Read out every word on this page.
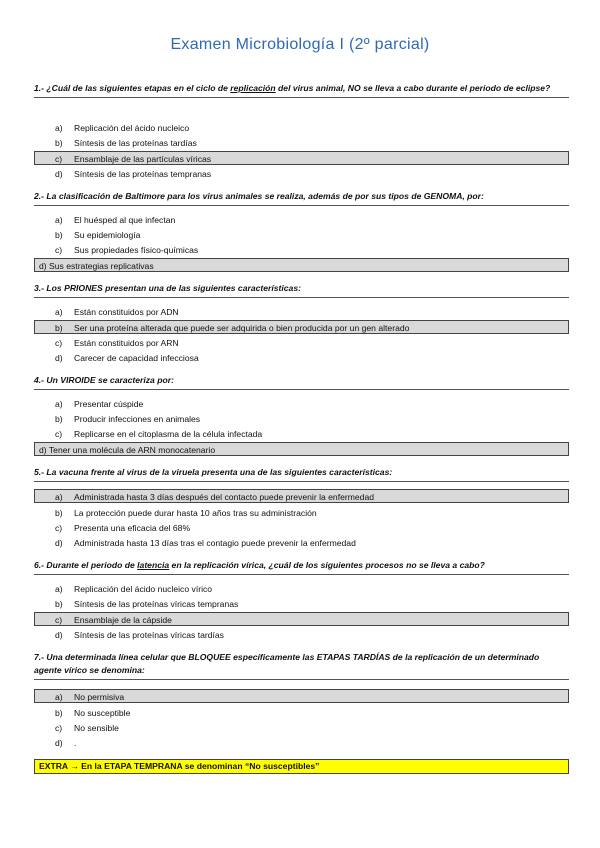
Examen Microbiología I (2º parcial)
1.- ¿Cuál de las siguientes etapas en el ciclo de replicación del virus animal, NO se lleva a cabo durante el periodo de eclipse?
a) Replicación del ácido nucleico
b) Síntesis de las proteínas tardías
c) Ensamblaje de las partículas víricas
d) Síntesis de las proteínas tempranas
2.- La clasificación de Baltimore para los virus animales se realiza, además de por sus tipos de GENOMA, por:
a) El huésped al que infectan
b) Su epidemiología
c) Sus propiedades físico-químicas
d) Sus estrategias replicativas
3.- Los PRIONES presentan una de las siguientes características:
a) Están constituidos por ADN
b) Ser una proteína alterada que puede ser adquirida o bien producida por un gen alterado
c) Están constituidos por ARN
d) Carecer de capacidad infecciosa
4.- Un VIROIDE se caracteriza por:
a) Presentar cúspide
b) Producir infecciones en animales
c) Replicarse en el citoplasma de la célula infectada
d) Tener una molécula de ARN monocatenario
5.- La vacuna frente al virus de la viruela presenta una de las siguientes características:
a) Administrada hasta 3 días después del contacto puede prevenir la enfermedad
b) La protección puede durar hasta 10 años tras su administración
c) Presenta una eficacia del 68%
d) Administrada hasta 13 días tras el contagio puede prevenir la enfermedad
6.- Durante el periodo de latencia en la replicación vírica, ¿cuál de los siguientes procesos no se lleva a cabo?
a) Replicación del ácido nucleico vírico
b) Síntesis de las proteínas víricas tempranas
c) Ensamblaje de la cápside
d) Síntesis de las proteínas víricas tardías
7.- Una determinada línea celular que BLOQUEE específicamente las ETAPAS TARDÍAS de la replicación de un determinado agente vírico se denomina:
a) No permisiva
b) No susceptible
c) No sensible
d) .
EXTRA → En la ETAPA TEMPRANA se denominan “No susceptibles”
